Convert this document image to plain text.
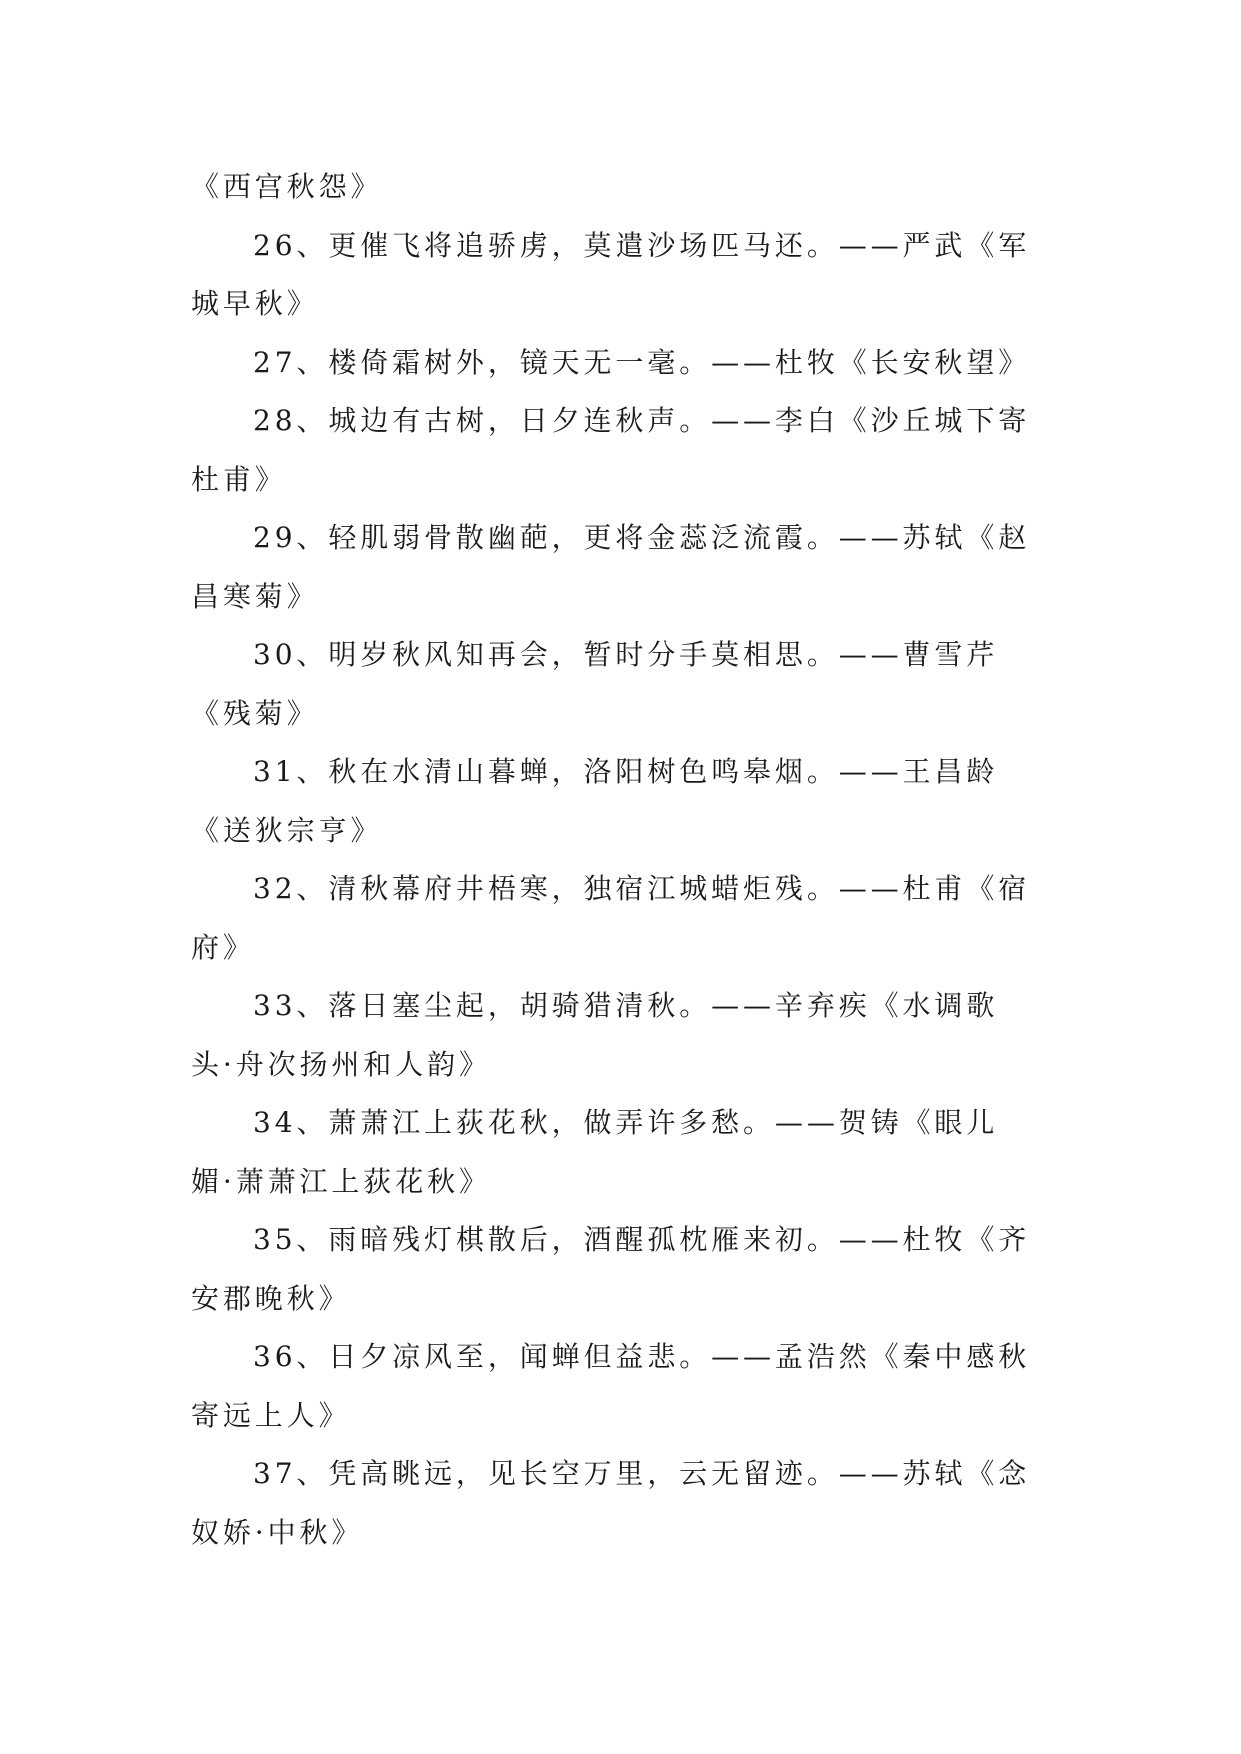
《西宫秋怨》
26、更催飞将追骄虏，莫遣沙场匹马还。——严武《军
城早秋》
27、楼倚霜树外，镜天无一毫。——杜牧《长安秋望》
28、城边有古树，日夕连秋声。——李白《沙丘城下寄
杜甫》
29、轻肌弱骨散幽葩，更将金蕊泛流霞。——苏轼《赵
昌寒菊》
30、明岁秋风知再会，暂时分手莫相思。——曹雪芹
《残菊》
31、秋在水清山暮蝉，洛阳树色鸣皋烟。——王昌龄
《送狄宗亨》
32、清秋幕府井梧寒，独宿江城蜡炬残。——杜甫《宿
府》
33、落日塞尘起，胡骑猎清秋。——辛弃疾《水调歌
头·舟次扬州和人韵》
34、萧萧江上荻花秋，做弄许多愁。——贺铸《眼儿
媚·萧萧江上荻花秋》
35、雨暗残灯棋散后，酒醒孤枕雁来初。——杜牧《齐
安郡晚秋》
36、日夕凉风至，闻蝉但益悲。——孟浩然《秦中感秋
寄远上人》
37、凭高眺远，见长空万里，云无留迹。——苏轼《念
奴娇·中秋》
